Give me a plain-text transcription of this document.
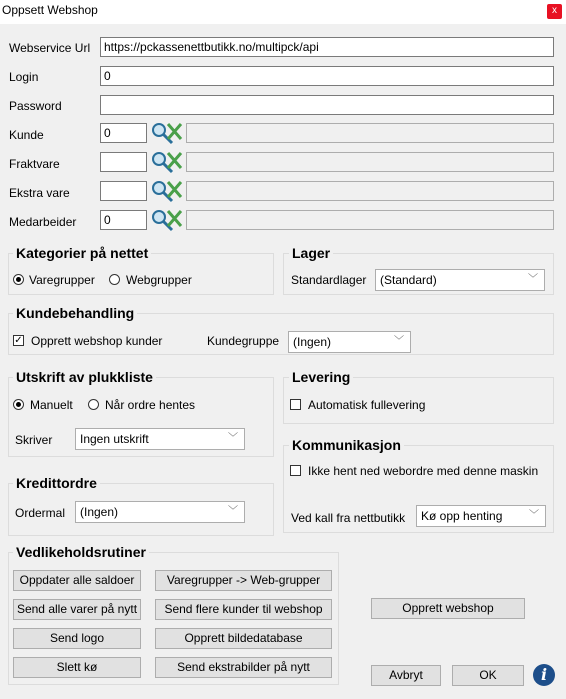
Oppsett Webshop	x
Webservice Url	https://pckassenettbutikk.no/multipck/api
Login	0
Password
Kunde	0
Fraktvare
Ekstra vare
Medarbeider	0
Kategorier på nettet
Varegrupper	Webgrupper
Lager
Standardlager	(Standard)	﹀
Kundebehandling
✓ Opprett webshop kunder	Kundegruppe	(Ingen)	﹀
Utskrift av plukkliste
Manuelt	Når ordre hentes
Skriver	Ingen utskrift	﹀
Levering
Automatisk fullevering
Kommunikasjon
Ikke hent ned webordre med denne maskin
Ved kall fra nettbutikk	Kø opp henting	﹀
Kredittordre
Ordermal	(Ingen)	﹀
Vedlikeholdsrutiner
Oppdater alle saldoer	Varegrupper -> Web-grupper
Send alle varer på nytt	Send flere kunder til webshop
Send logo	Opprett bildedatabase
Slett kø	Send ekstrabilder på nytt
Opprett webshop
Avbryt	OK	i
